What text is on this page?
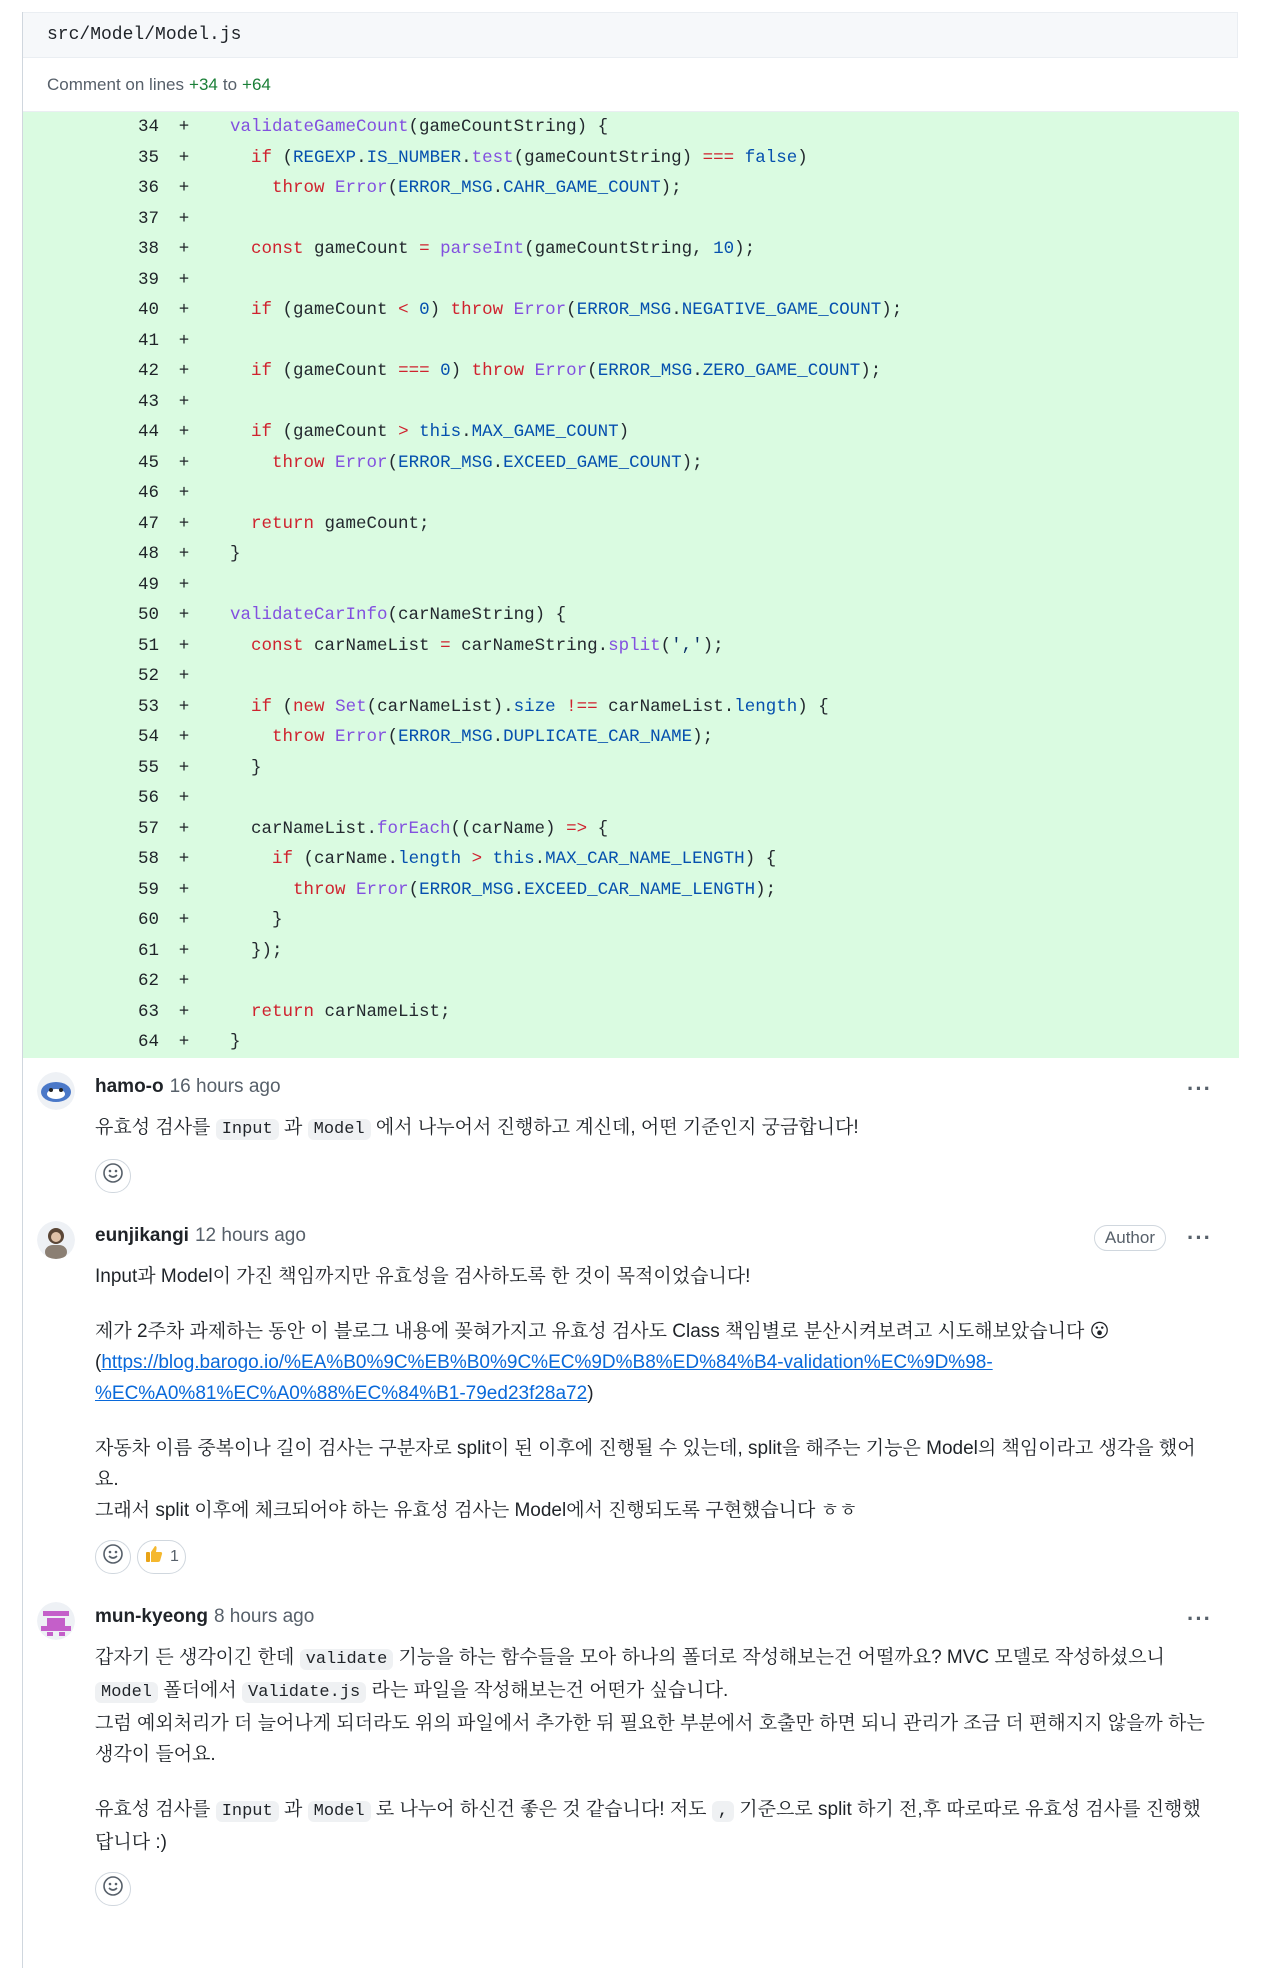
src/Model/Model.js
Comment on lines +34 to +64
34	+	validateGameCount(gameCountString) {
35	+	if (REGEXP.IS_NUMBER.test(gameCountString) === false)
36	+	throw Error(ERROR_MSG.CAHR_GAME_COUNT);
37	+
38	+	const gameCount = parseInt(gameCountString, 10);
39	+
40	+	if (gameCount < 0) throw Error(ERROR_MSG.NEGATIVE_GAME_COUNT);
41	+
42	+	if (gameCount === 0) throw Error(ERROR_MSG.ZERO_GAME_COUNT);
43	+
44	+	if (gameCount > this.MAX_GAME_COUNT)
45	+	throw Error(ERROR_MSG.EXCEED_GAME_COUNT);
46	+
47	+	return gameCount;
48	+	}
49	+
50	+	validateCarInfo(carNameString) {
51	+	const carNameList = carNameString.split(',');
52	+
53	+	if (new Set(carNameList).size !== carNameList.length) {
54	+	throw Error(ERROR_MSG.DUPLICATE_CAR_NAME);
55	+	}
56	+
57	+	carNameList.forEach((carName) => {
58	+	if (carName.length > this.MAX_CAR_NAME_LENGTH) {
59	+	throw Error(ERROR_MSG.EXCEED_CAR_NAME_LENGTH);
60	+	}
61	+	});
62	+
63	+	return carNameList;
64	+	}
hamo-o 16 hours ago	···

유효성 검사를 Input 과 Model 에서 나누어서 진행하고 계신데, 어떤 기준인지 궁금합니다!

eunjikangi 12 hours ago	Author	···

Input과 Model이 가진 책임까지만 유효성을 검사하도록 한 것이 목적이었습니다!

제가 2주차 과제하는 동안 이 블로그 내용에 꽂혀가지고 유효성 검사도 Class 책임별로 분산시켜보려고 시도해보았습니다 😮
(https://blog.barogo.io/%EA%B0%9C%EB%B0%9C%EC%9D%B8%ED%84%B4-validation%EC%9D%98-%EC%A0%81%EC%A0%88%EC%84%B1-79ed23f28a72)

자동차 이름 중복이나 길이 검사는 구분자로 split이 된 이후에 진행될 수 있는데, split을 해주는 기능은 Model의 책임이라고 생각을 했어요.
그래서 split 이후에 체크되어야 하는 유효성 검사는 Model에서 진행되도록 구현했습니다 ㅎㅎ

1
mun-kyeong 8 hours ago	···

갑자기 든 생각이긴 한데 validate 기능을 하는 함수들을 모아 하나의 폴더로 작성해보는건 어떨까요? MVC 모델로 작성하셨으니 Model 폴더에서 Validate.js 라는 파일을 작성해보는건 어떤가 싶습니다.
그럼 예외처리가 더 늘어나게 되더라도 위의 파일에서 추가한 뒤 필요한 부분에서 호출만 하면 되니 관리가 조금 더 편해지지 않을까 하는 생각이 들어요.

유효성 검사를 Input 과 Model 로 나누어 하신건 좋은 것 같습니다! 저도 , 기준으로 split 하기 전,후 따로따로 유효성 검사를 진행했답니다 :)
